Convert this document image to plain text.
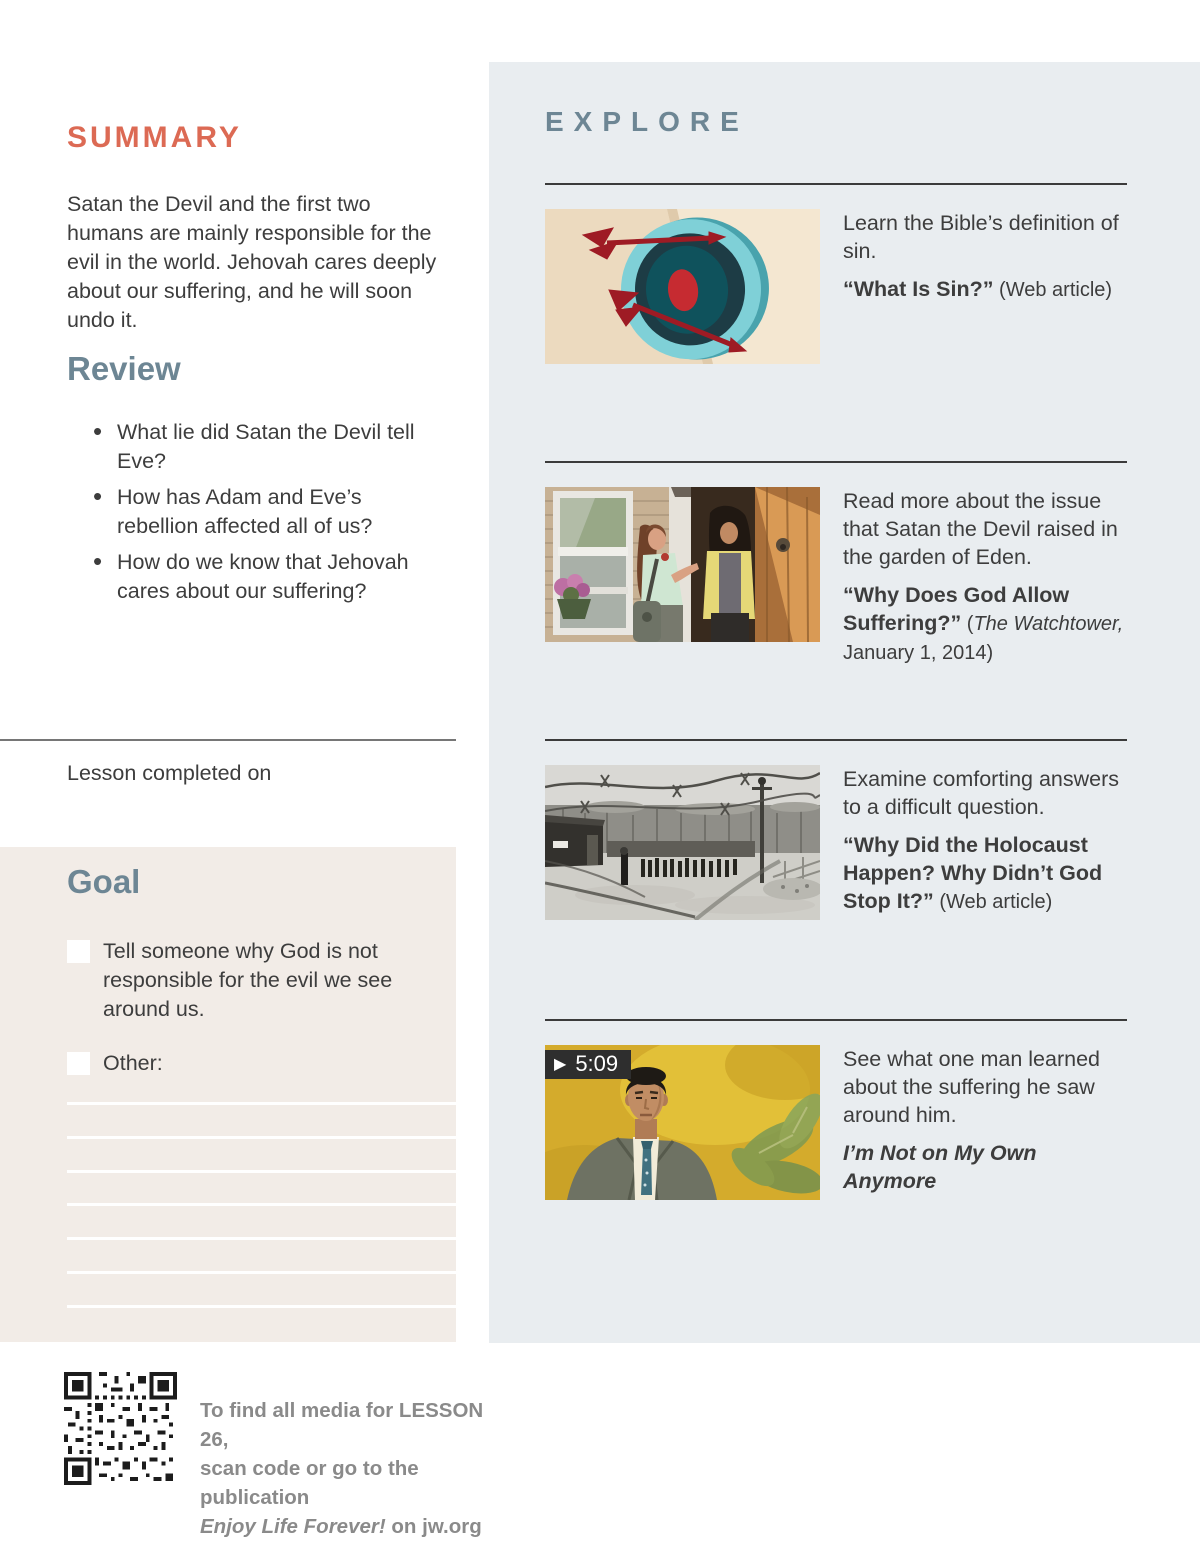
SUMMARY

Satan the Devil and the first two humans are mainly responsible for the evil in the world. Jehovah cares deeply about our suffering, and he will soon undo it.

Review
• What lie did Satan the Devil tell Eve?
• How has Adam and Eve’s rebellion affected all of us?
• How do we know that Jehovah cares about our suffering?
Lesson completed on
Goal
Tell someone why God is not responsible for the evil we see around us.
Other:
To find all media for LESSON 26,
scan code or go to the publication
Enjoy Life Forever! on jw.org
EXPLORE

Learn the Bible’s definition of sin.

“What Is Sin?” (Web article)

Read more about the issue that Satan the Devil raised in the garden of Eden.

“Why Does God Allow Suffering?” (The Watchtower, January 1, 2014)

Examine comforting answers to a difficult question.

“Why Did the Holocaust Happen? Why Didn’t God Stop It?” (Web article)

▶ 5:09	See what one man learned about the suffering he saw around him.

I’m Not on My Own Anymore
